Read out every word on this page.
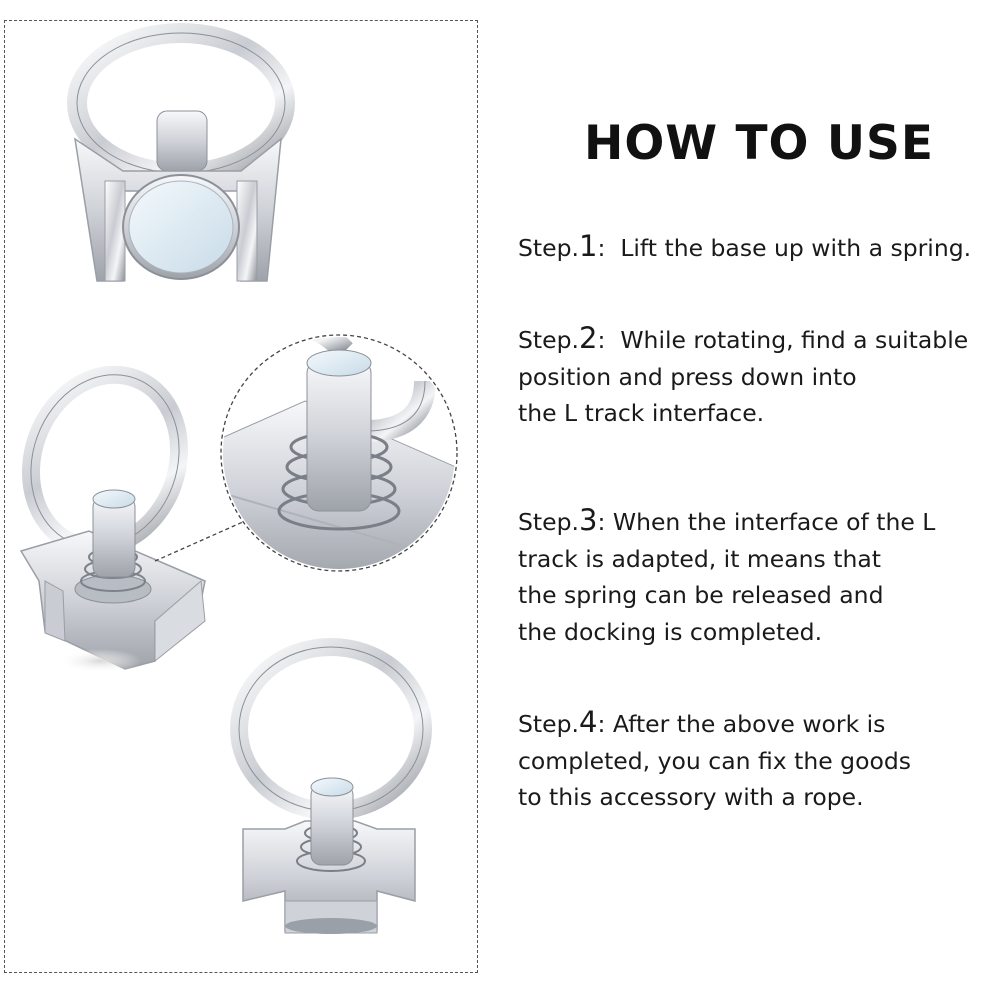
HOW TO USE
Step.1: Lift the base up with a spring.
Step.2: While rotating, find a suitable
position and press down into
the L track interface.
Step.3: When the interface of the L
track is adapted, it means that
the spring can be released and
the docking is completed.
Step.4: After the above work is
completed, you can fix the goods
to this accessory with a rope.
